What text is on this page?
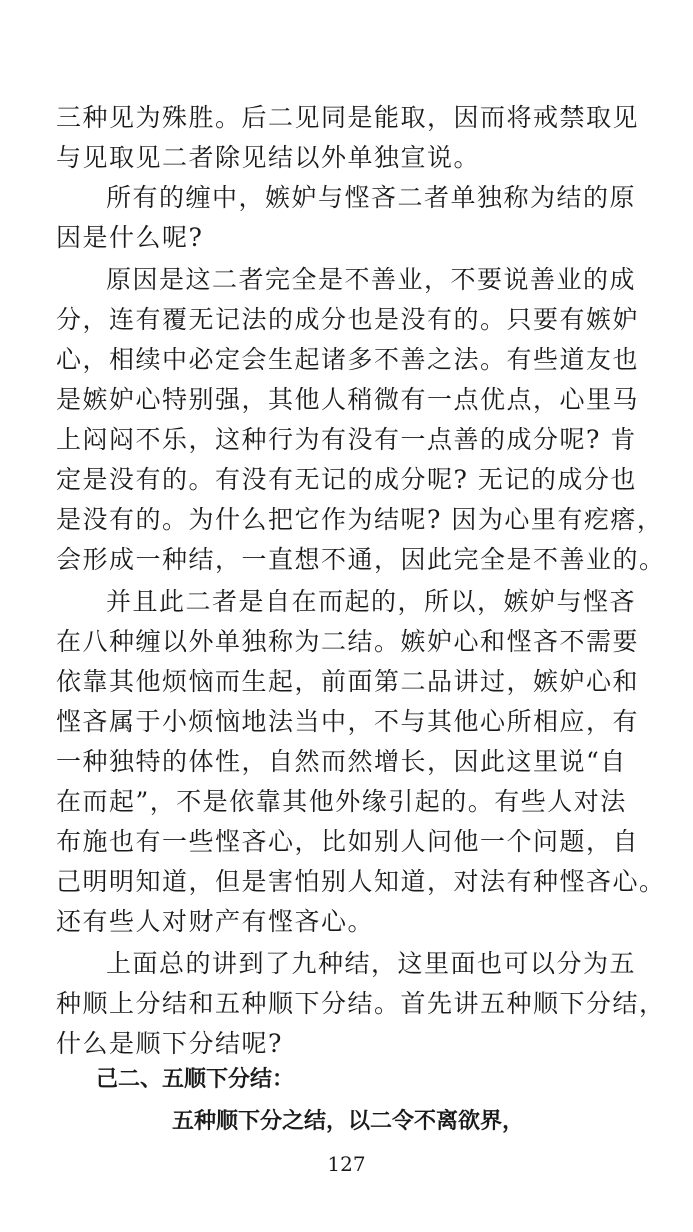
三种见为殊胜。后二见同是能取，因而将戒禁取见
与见取见二者除见结以外单独宣说。
所有的缠中，嫉妒与悭吝二者单独称为结的原
因是什么呢?
原因是这二者完全是不善业，不要说善业的成
分，连有覆无记法的成分也是没有的。只要有嫉妒
心，相续中必定会生起诸多不善之法。有些道友也
是嫉妒心特别强，其他人稍微有一点优点，心里马
上闷闷不乐，这种行为有没有一点善的成分呢? 肯
定是没有的。有没有无记的成分呢? 无记的成分也
是没有的。为什么把它作为结呢? 因为心里有疙瘩，
会形成一种结，一直想不通，因此完全是不善业的。
并且此二者是自在而起的，所以，嫉妒与悭吝
在八种缠以外单独称为二结。嫉妒心和悭吝不需要
依靠其他烦恼而生起，前面第二品讲过，嫉妒心和
悭吝属于小烦恼地法当中，不与其他心所相应，有
一种独特的体性，自然而然增长，因此这里说“自
在而起”，不是依靠其他外缘引起的。有些人对法
布施也有一些悭吝心，比如别人问他一个问题，自
己明明知道，但是害怕别人知道，对法有种悭吝心。
还有些人对财产有悭吝心。
上面总的讲到了九种结，这里面也可以分为五
种顺上分结和五种顺下分结。首先讲五种顺下分结，
什么是顺下分结呢?
己二、五顺下分结：
五种顺下分之结，以二令不离欲界，
127
